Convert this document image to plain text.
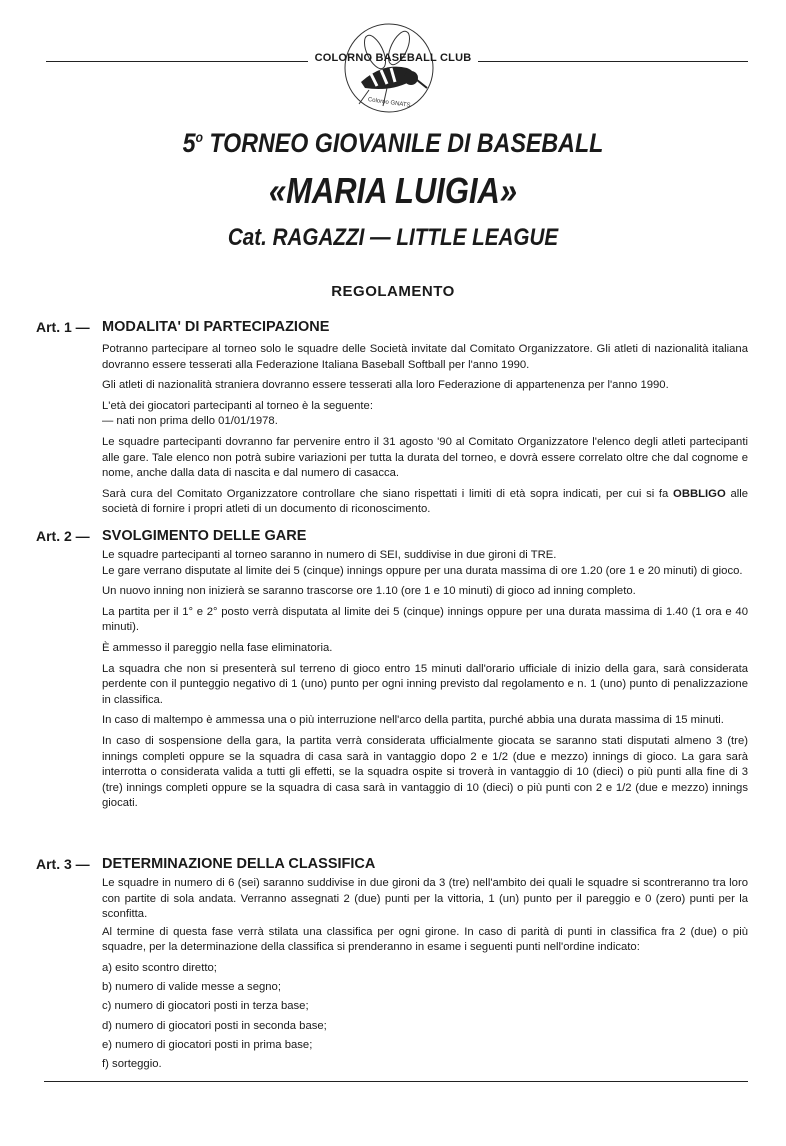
Colorno GNATS
COLORNO BASEBALL CLUB
5$^o$ TORNEO GIOVANILE DI BASEBALL
«MARIA LUIGIA»
Cat. RAGAZZI — LITTLE LEAGUE
REGOLAMENTO
Art. 1 — MODALITA' DI PARTECIPAZIONE

Potranno partecipare al torneo solo le squadre delle Società invitate dal Comitato Organizzatore. Gli atleti di nazionalità italiana dovranno essere tesserati alla Federazione Italiana Baseball Softball per l'anno 1990.

Gli atleti di nazionalità straniera dovranno essere tesserati alla loro Federazione di appartenenza per l'anno 1990.

L'età dei giocatori partecipanti al torneo è la seguente:

— nati non prima dello 01/01/1978.

Le squadre partecipanti dovranno far pervenire entro il 31 agosto '90 al Comitato Organizzatore l'elenco degli atleti partecipanti alle gare. Tale elenco non potrà subire variazioni per tutta la durata del torneo, e dovrà essere correlato oltre che dal cognome e nome, anche dalla data di nascita e dal numero di casacca.

Sarà cura del Comitato Organizzatore controllare che siano rispettati i limiti di età sopra indicati, per cui si fa OBBLIGO alle società di fornire i propri atleti di un documento di riconoscimento.

Art. 2 — SVOLGIMENTO DELLE GARE

Le squadre partecipanti al torneo saranno in numero di SEI, suddivise in due gironi di TRE.

Le gare verrano disputate al limite dei 5 (cinque) innings oppure per una durata massima di ore 1.20 (ore 1 e 20 minuti) di gioco.

Un nuovo inning non inizierà se saranno trascorse ore 1.10 (ore 1 e 10 minuti) di gioco ad inning completo.

La partita per il 1° e 2° posto verrà disputata al limite dei 5 (cinque) innings oppure per una durata massima di 1.40 (1 ora e 40 minuti).

È ammesso il pareggio nella fase eliminatoria.

La squadra che non si presenterà sul terreno di gioco entro 15 minuti dall'orario ufficiale di inizio della gara, sarà considerata perdente con il punteggio negativo di 1 (uno) punto per ogni inning previsto dal regolamento e n. 1 (uno) punto di penalizzazione in classifica.

In caso di maltempo è ammessa una o più interruzione nell'arco della partita, purché abbia una durata massima di 15 minuti.

In caso di sospensione della gara, la partita verrà considerata ufficialmente giocata se saranno stati disputati almeno 3 (tre) innings completi oppure se la squadra di casa sarà in vantaggio dopo 2 e 1/2 (due e mezzo) innings di gioco. La gara sarà interrotta o considerata valida a tutti gli effetti, se la squadra ospite si troverà in vantaggio di 10 (dieci) o più punti alla fine di 3 (tre) innings completi oppure se la squadra di casa sarà in vantaggio di 10 (dieci) o più punti con 2 e 1/2 (due e mezzo) innings giocati.

Art. 3 — DETERMINAZIONE DELLA CLASSIFICA

Le squadre in numero di 6 (sei) saranno suddivise in due gironi da 3 (tre) nell'ambito dei quali le squadre si scontreranno tra loro con partite di sola andata. Verranno assegnati 2 (due) punti per la vittoria, 1 (un) punto per il pareggio e 0 (zero) punti per la sconfitta.

Al termine di questa fase verrà stilata una classifica per ogni girone. In caso di parità di punti in classifica fra 2 (due) o più squadre, per la determinazione della classifica si prenderanno in esame i seguenti punti nell'ordine indicato:

a) esito scontro diretto;
b) numero di valide messe a segno;
c) numero di giocatori posti in terza base;
d) numero di giocatori posti in seconda base;
e) numero di giocatori posti in prima base;
f) sorteggio.
